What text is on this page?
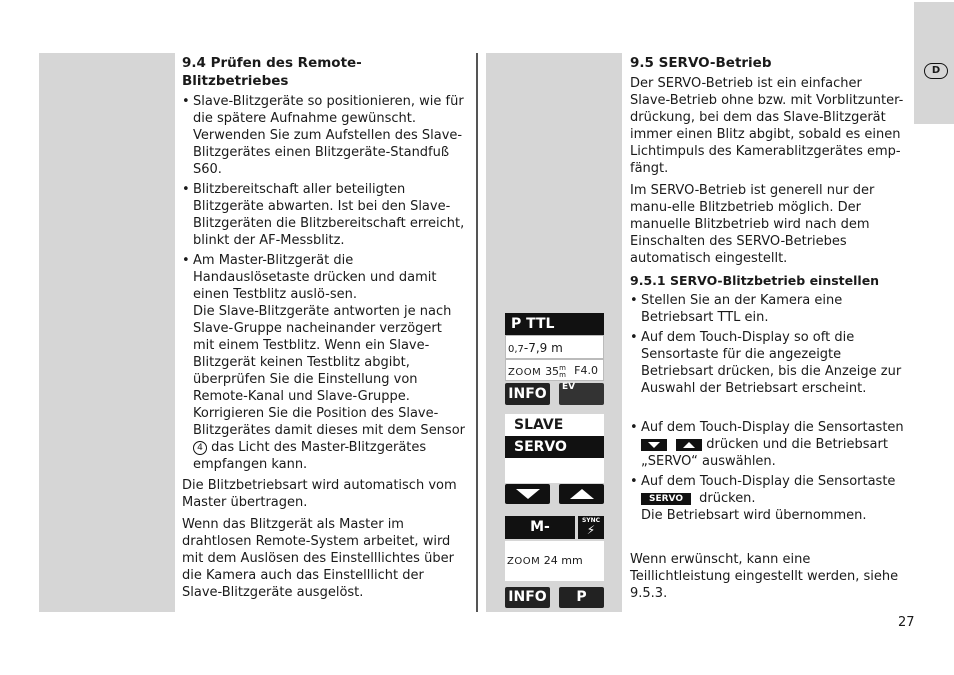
D
9.4 Prüfen des Remote-Blitzbetriebes
• Slave-Blitzgeräte so positionieren, wie für die spätere Aufnahme gewünscht. Verwenden Sie zum Aufstellen des Slave-Blitzgerätes einen Blitzgeräte-Standfuß S60.
• Blitzbereitschaft aller beteiligten Blitzgeräte abwarten. Ist bei den Slave-Blitzgeräten die Blitzbereitschaft erreicht, blinkt der AF-Messblitz.
• Am Master-Blitzgerät die Handauslösetaste drücken und damit einen Testblitz auslö-sen.
Die Slave-Blitzgeräte antworten je nach Slave-Gruppe nacheinander verzögert mit einem Testblitz. Wenn ein Slave-Blitzgerät keinen Testblitz abgibt, überprüfen Sie die Einstellung von Remote-Kanal und Slave-Gruppe. Korrigieren Sie die Position des Slave-Blitzgerätes damit dieses mit dem Sensor 4 das Licht des Master-Blitzgerätes empfangen kann.

Die Blitzbetriebsart wird automatisch vom Master übertragen.

Wenn das Blitzgerät als Master im drahtlosen Remote-System arbeitet, wird mit dem Auslösen des Einstelllichtes über die Kamera auch das Einstelllicht der Slave-Blitzgeräte ausgelöst.

P TTL
0,7-7,9 m
ZOOM 35m
m F4.0
INFO	EV
SLAVE
SERVO
M-	SYNC
⚡
ZOOM 24 mm
INFO	P
9.5 SERVO-Betrieb

Der SERVO-Betrieb ist ein einfacher Slave-Betrieb ohne bzw. mit Vorblitzunter-drückung, bei dem das Slave-Blitzgerät immer einen Blitz abgibt, sobald es einen Lichtimpuls des Kamerablitzgerätes emp-fängt.

Im SERVO-Betrieb ist generell nur der manu-elle Blitzbetrieb möglich. Der manuelle Blitzbetrieb wird nach dem Einschalten des SERVO-Betriebes automatisch eingestellt.

9.5.1 SERVO-Blitzbetrieb einstellen
• Stellen Sie an der Kamera eine Betriebsart TTL ein.
• Auf dem Touch-Display so oft die Sensortaste für die angezeigte Betriebsart drücken, bis die Anzeige zur Auswahl der Betriebsart erscheint.
• Auf dem Touch-Display die Sensortasten

drücken und die Betriebsart „SERVO“ auswählen.
• Auf dem Touch-Display die Sensortaste
SERVO drücken.
Die Betriebsart wird übernommen.

Wenn erwünscht, kann eine Teillichtleistung eingestellt werden, siehe 9.5.3.

27
